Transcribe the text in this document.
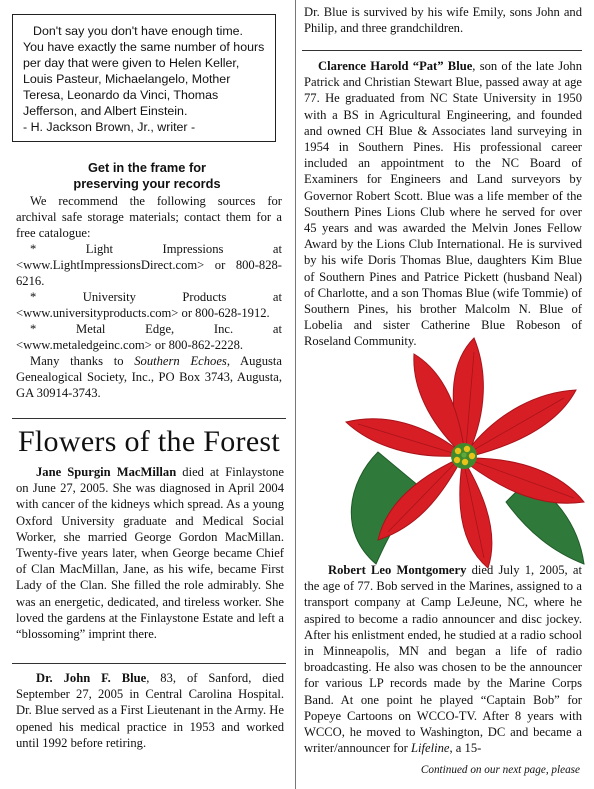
Don't say you don't have enough time.

You have exactly the same number of hours per day that were given to Helen Keller, Louis Pasteur, Michaelangelo, Mother Teresa, Leonardo da Vinci, Thomas Jefferson, and Albert Einstein.

- H. Jackson Brown, Jr., writer -

Get in the frame for
preserving your records

We recommend the following sources for archival safe storage materials; contact them for a free catalogue:

*	Light	Impressions	at

<www.LightImpressionsDirect.com> or 800-828-6216.

*	University	Products	at

<www.universityproducts.com> or 800-628-1912.

*	Metal	Edge,	Inc.	at

<www.metaledgeinc.com> or 800-862-2228.

Many thanks to Southern Echoes, Augusta Genealogical Society, Inc., PO Box 3743, Augusta, GA 30914-3743.

Flowers of the Forest

Jane Spurgin MacMillan died at Finlaystone on June 27, 2005. She was diagnosed in April 2004 with cancer of the kidneys which spread. As a young Oxford University graduate and Medical Social Worker, she married George Gordon MacMillan. Twenty-five years later, when George became Chief of Clan MacMillan, Jane, as his wife, became First Lady of the Clan. She filled the role admirably. She was an energetic, dedicated, and tireless worker. She loved the gardens at the Finlaystone Estate and left a “blossoming” imprint there.

Dr. John F. Blue, 83, of Sanford, died September 27, 2005 in Central Carolina Hospital. Dr. Blue served as a First Lieutenant in the Army. He opened his medical practice in 1953 and worked until 1992 before retiring.

Dr. Blue is survived by his wife Emily, sons John and Philip, and three grandchildren.

Clarence Harold “Pat” Blue, son of the late John Patrick and Christian Stewart Blue, passed away at age 77. He graduated from NC State University in 1950 with a BS in Agricultural Engineering, and founded and owned CH Blue & Associates land surveying in 1954 in Southern Pines. His professional career included an appointment to the NC Board of Examiners for Engineers and Land surveyors by Governor Robert Scott. Blue was a life member of the Southern Pines Lions Club where he served for over 45 years and was awarded the Melvin Jones Fellow Award by the Lions Club International. He is survived by his wife Doris Thomas Blue, daughters Kim Blue of Southern Pines and Patrice Pickett (husband Neal) of Charlotte, and a son Thomas Blue (wife Tommie) of Southern Pines, his brother Malcolm N. Blue of Lobelia and sister Catherine Blue Robeson of Roseland Community.

Robert Leo Montgomery died July 1, 2005, at the age of 77. Bob served in the Marines, assigned to a transport company at Camp LeJeune, NC, where he aspired to become a radio announcer and disc jockey. After his enlistment ended, he studied at a radio school in Minneapolis, MN and began a life of radio broadcasting. He also was chosen to be the announcer for various LP records made by the Marine Corps Band. At one point he played “Captain Bob” for Popeye Cartoons on WCCO-TV. After 8 years with WCCO, he moved to Washington, DC and became a writer/announcer for Lifeline, a 15-

Continued on our next page, please
